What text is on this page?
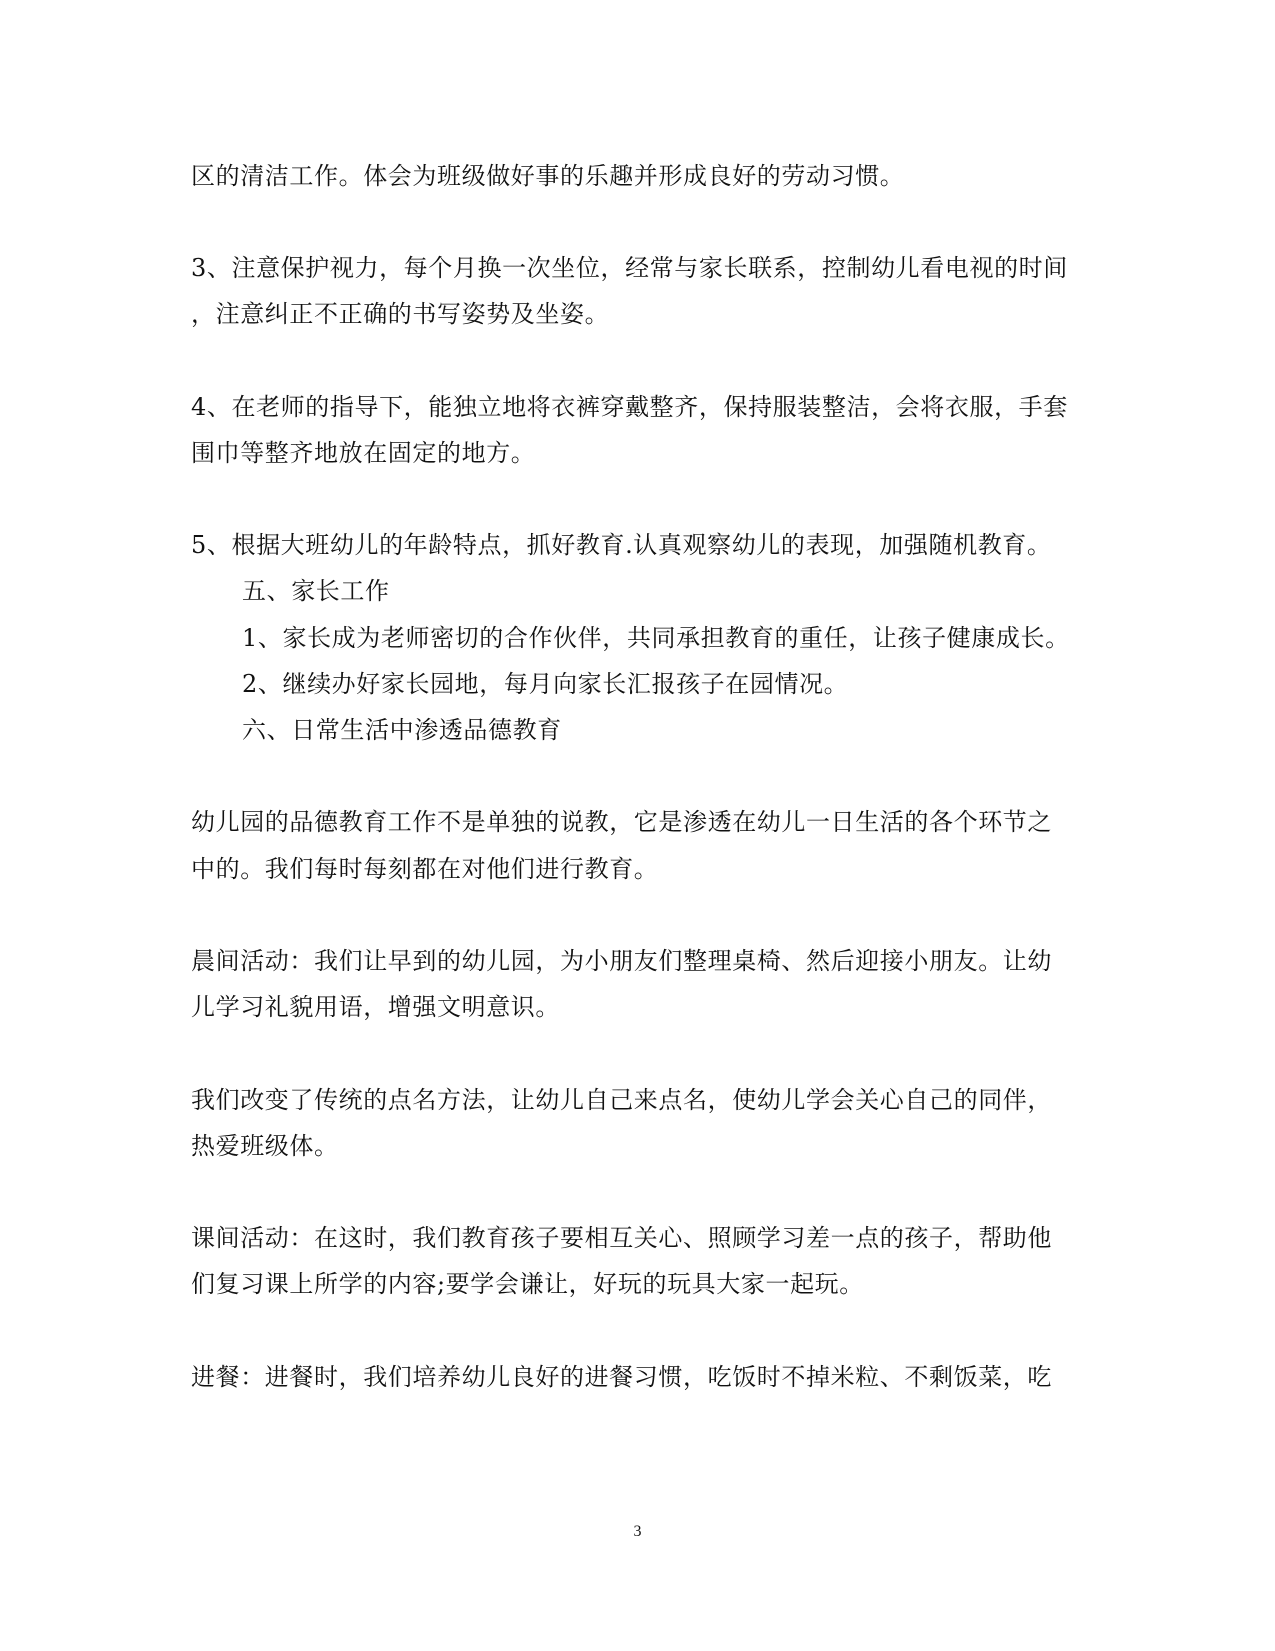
区的清洁工作。体会为班级做好事的乐趣并形成良好的劳动习惯。
3、注意保护视力，每个月换一次坐位，经常与家长联系，控制幼儿看电视的时间
，注意纠正不正确的书写姿势及坐姿。
4、在老师的指导下，能独立地将衣裤穿戴整齐，保持服装整洁，会将衣服，手套
围巾等整齐地放在固定的地方。
5、根据大班幼儿的年龄特点，抓好教育.认真观察幼儿的表现，加强随机教育。
五、家长工作
1、家长成为老师密切的合作伙伴，共同承担教育的重任，让孩子健康成长。
2、继续办好家长园地，每月向家长汇报孩子在园情况。
六、日常生活中渗透品德教育
幼儿园的品德教育工作不是单独的说教，它是渗透在幼儿一日生活的各个环节之
中的。我们每时每刻都在对他们进行教育。
晨间活动：我们让早到的幼儿园，为小朋友们整理桌椅、然后迎接小朋友。让幼
儿学习礼貌用语，增强文明意识。
我们改变了传统的点名方法，让幼儿自己来点名，使幼儿学会关心自己的同伴，
热爱班级体。
课间活动：在这时，我们教育孩子要相互关心、照顾学习差一点的孩子，帮助他
们复习课上所学的内容;要学会谦让，好玩的玩具大家一起玩。
进餐：进餐时，我们培养幼儿良好的进餐习惯，吃饭时不掉米粒、不剩饭菜，吃
3
